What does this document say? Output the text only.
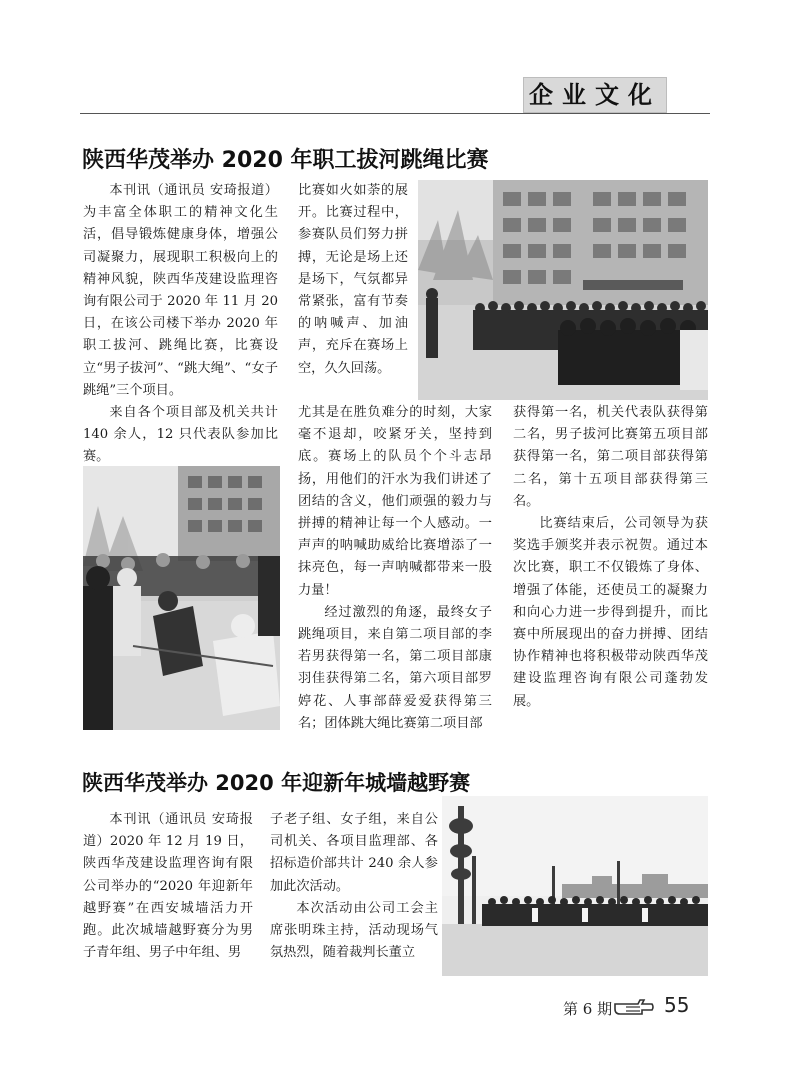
企业文化
陕西华茂举办 2020 年职工拔河跳绳比赛

本刊讯（通讯员 安琦报道）为丰富全体职工的精神文化生活，倡导锻炼健康身体，增强公司凝聚力，展现职工积极向上的精神风貌，陕西华茂建设监理咨询有限公司于 2020 年 11 月 20 日，在该公司楼下举办 2020 年职工拔河、跳绳比赛，比赛设立“男子拔河”、“跳大绳”、“女子跳绳”三个项目。

来自各个项目部及机关共计 140 余人，12 只代表队参加比赛。

比赛如火如荼的展开。比赛过程中，参赛队员们努力拼搏，无论是场上还是场下，气氛都异常紧张，富有节奏的呐喊声、加油声，充斥在赛场上空，久久回荡。

尤其是在胜负难分的时刻，大家毫不退却，咬紧牙关，坚持到底。赛场上的队员个个斗志昂扬，用他们的汗水为我们讲述了团结的含义，他们顽强的毅力与拼搏的精神让每一个人感动。一声声的呐喊助威给比赛增添了一抹亮色，每一声呐喊都带来一股力量！

经过激烈的角逐，最终女子跳绳项目，来自第二项目部的李若男获得第一名，第二项目部康羽佳获得第二名，第六项目部罗婷花、人事部薛爱爱获得第三名；团体跳大绳比赛第二项目部

获得第一名，机关代表队获得第二名，男子拔河比赛第五项目部获得第一名，第二项目部获得第二名，第十五项目部获得第三名。

比赛结束后，公司领导为获奖选手颁奖并表示祝贺。通过本次比赛，职工不仅锻炼了身体、增强了体能，还使员工的凝聚力和向心力进一步得到提升，而比赛中所展现出的奋力拼搏、团结协作精神也将积极带动陕西华茂建设监理咨询有限公司蓬勃发展。

陕西华茂举办 2020 年迎新年城墙越野赛

本刊讯（通讯员 安琦报道）2020 年 12 月 19 日，陕西华茂建设监理咨询有限公司举办的“2020 年迎新年越野赛”在西安城墙活力开跑。此次城墙越野赛分为男子青年组、男子中年组、男

子老子组、女子组，来自公司机关、各项目监理部、各招标造价部共计 240 余人参加此次活动。

本次活动由公司工会主席张明珠主持，活动现场气氛热烈，随着裁判长董立

第 6 期	55
